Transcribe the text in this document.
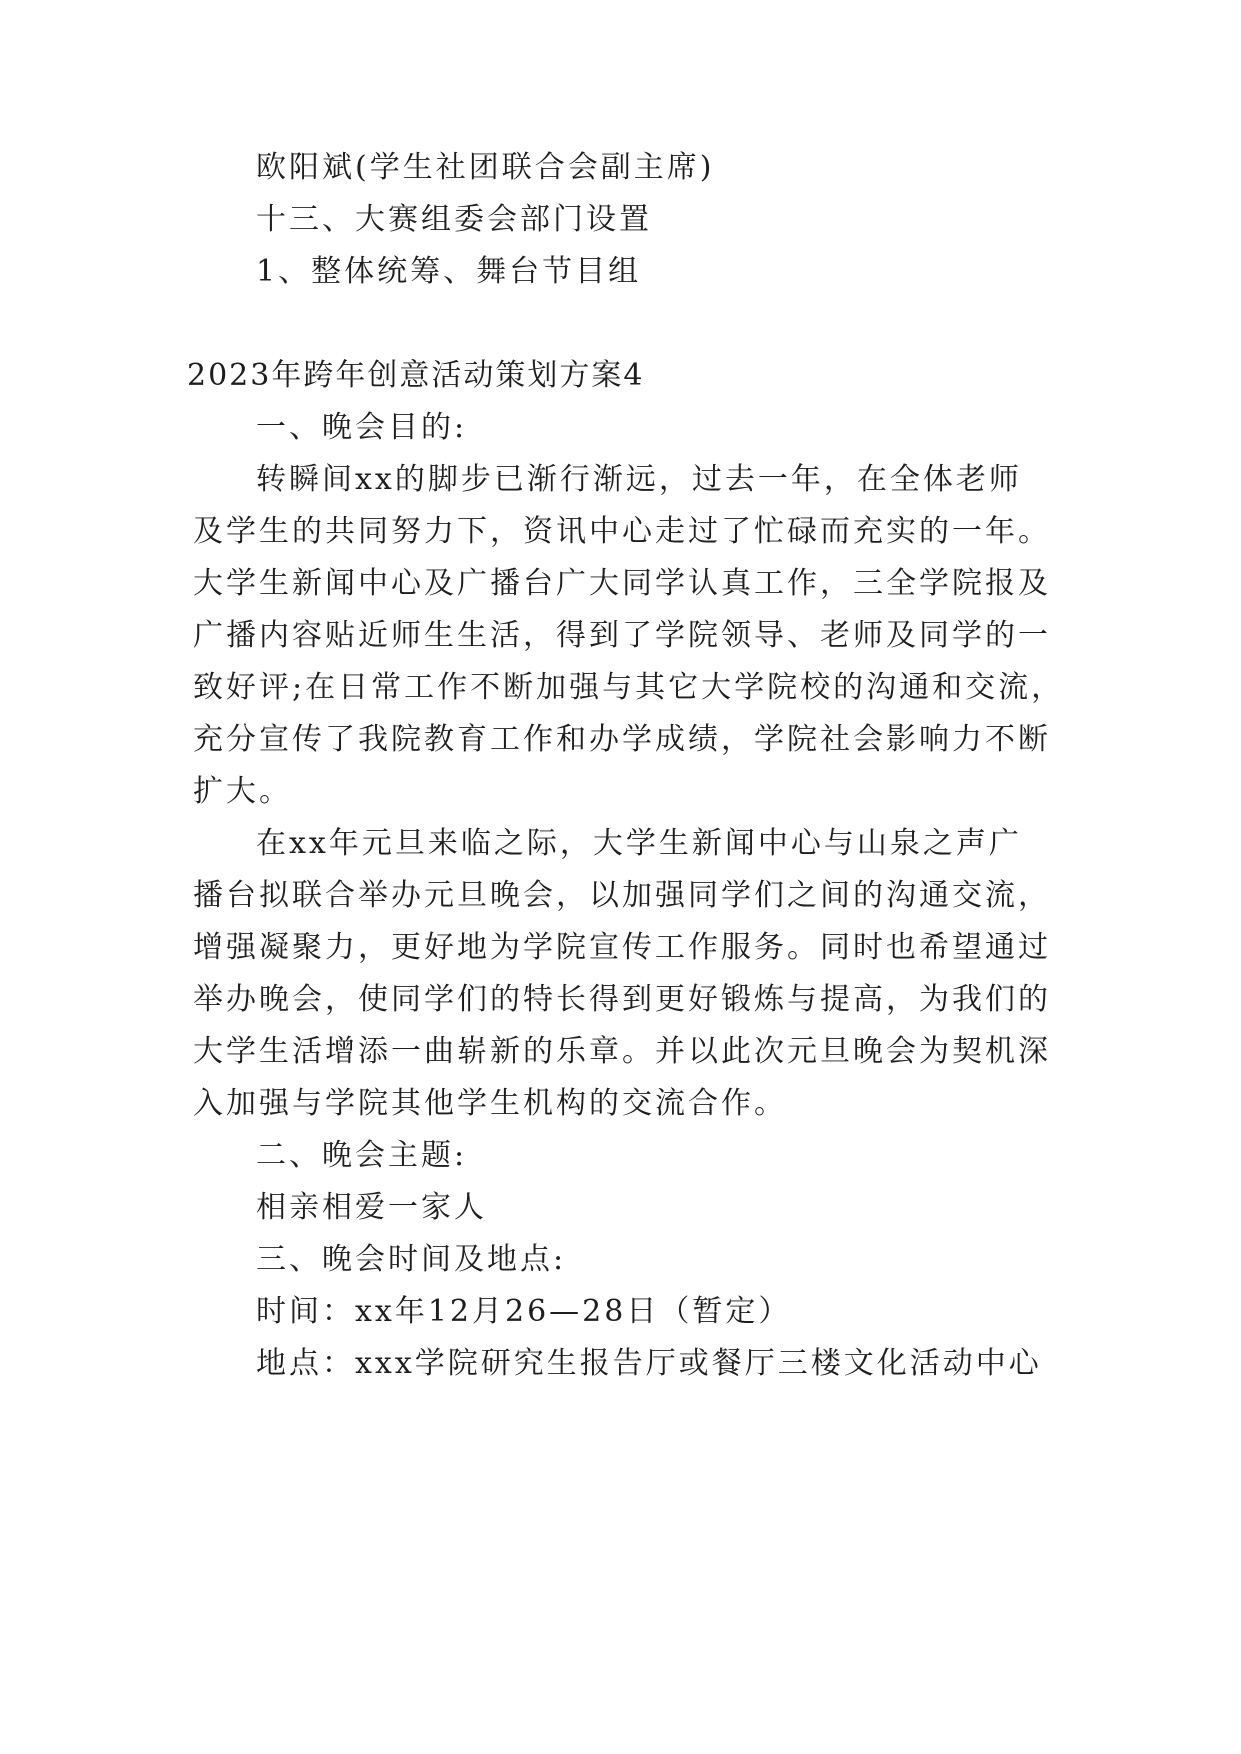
欧阳斌(学生社团联合会副主席)
十三、大赛组委会部门设置
1、整体统筹、舞台节目组
2023年跨年创意活动策划方案4
一、晚会目的:
转瞬间xx的脚步已渐行渐远，过去一年，在全体老师
及学生的共同努力下，资讯中心走过了忙碌而充实的一年。
大学生新闻中心及广播台广大同学认真工作，三全学院报及
广播内容贴近师生生活，得到了学院领导、老师及同学的一
致好评;在日常工作不断加强与其它大学院校的沟通和交流，
充分宣传了我院教育工作和办学成绩，学院社会影响力不断
扩大。
在xx年元旦来临之际，大学生新闻中心与山泉之声广
播台拟联合举办元旦晚会，以加强同学们之间的沟通交流，
增强凝聚力，更好地为学院宣传工作服务。同时也希望通过
举办晚会，使同学们的特长得到更好锻炼与提高，为我们的
大学生活增添一曲崭新的乐章。并以此次元旦晚会为契机深
入加强与学院其他学生机构的交流合作。
二、晚会主题:
相亲相爱一家人
三、晚会时间及地点:
时间：xx年12月26—28日（暂定）
地点：xxx学院研究生报告厅或餐厅三楼文化活动中心
